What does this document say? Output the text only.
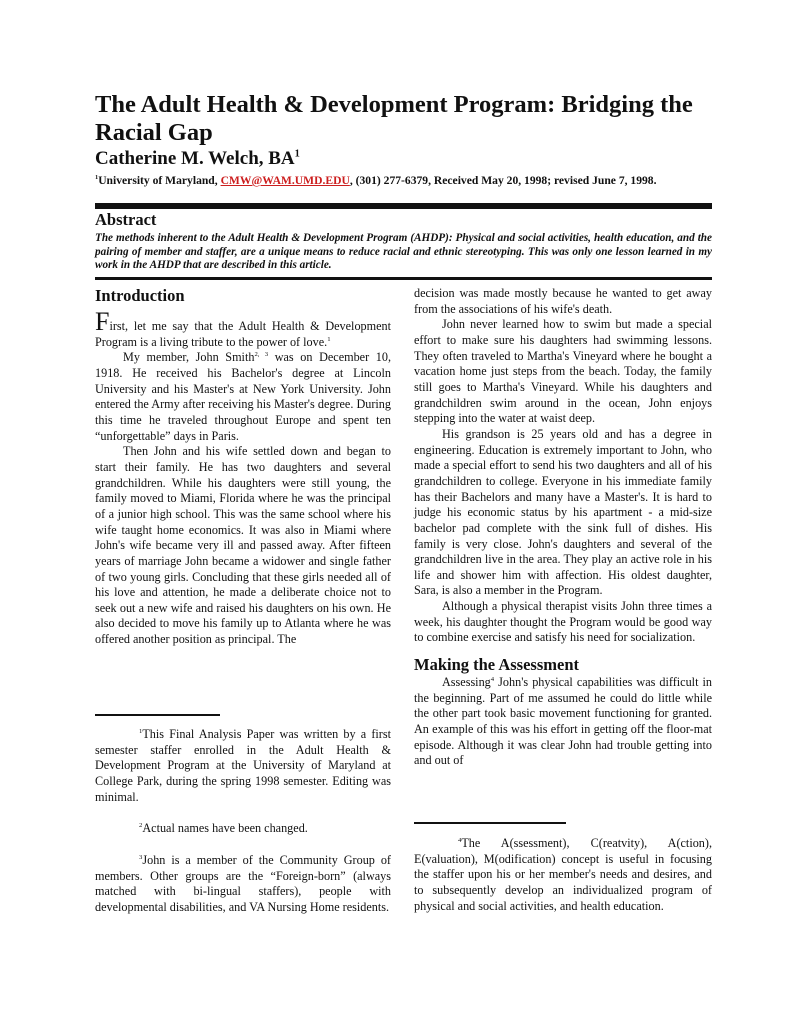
The Adult Health & Development Program: Bridging the Racial Gap
Catherine M. Welch, $BA^1$
$^1$University of Maryland, CMW@WAM.UMD.EDU, (301) 277-6379, Received May 20, 1998; revised June 7, 1998.
Abstract

The methods inherent to the Adult Health & Development Program (AHDP): Physical and social activities, health education, and the pairing of member and staffer, are a unique means to reduce racial and ethnic stereotyping. This was only one lesson learned in my work in the AHDP that are described in this article.

Introduction

First, let me say that the Adult Health & Development Program is a living tribute to the power of love.$^1$

My member, John Smith$^{2, 3}$ was on December 10, 1918. He received his Bachelor's degree at Lincoln University and his Master's at New York University. John entered the Army after receiving his Master's degree. During this time he traveled throughout Europe and spent ten “unforgettable” days in Paris.

Then John and his wife settled down and began to start their family. He has two daughters and several grandchildren. While his daughters were still young, the family moved to Miami, Florida where he was the principal of a junior high school. This was the same school where his wife taught home economics. It was also in Miami where John's wife became very ill and passed away. After fifteen years of marriage John became a widower and single father of two young girls. Concluding that these girls needed all of his love and attention, he made a deliberate choice not to seek out a new wife and raised his daughters on his own. He also decided to move his family up to Atlanta where he was offered another position as principal. The

$^1$This Final Analysis Paper was written by a first semester staffer enrolled in the Adult Health & Development Program at the University of Maryland at College Park, during the spring 1998 semester. Editing was minimal.

$^2$Actual names have been changed.

$^3$John is a member of the Community Group of members. Other groups are the “Foreign-born” (always matched with bi-lingual staffers), people with developmental disabilities, and VA Nursing Home residents.

decision was made mostly because he wanted to get away from the associations of his wife's death.

John never learned how to swim but made a special effort to make sure his daughters had swimming lessons. They often traveled to Martha's Vineyard where he bought a vacation home just steps from the beach. Today, the family still goes to Martha's Vineyard. While his daughters and grandchildren swim around in the ocean, John enjoys stepping into the water at waist deep.

His grandson is 25 years old and has a degree in engineering. Education is extremely important to John, who made a special effort to send his two daughters and all of his grandchildren to college. Everyone in his immediate family has their Bachelors and many have a Master's. It is hard to judge his economic status by his apartment - a mid-size bachelor pad complete with the sink full of dishes. His family is very close. John's daughters and several of the grandchildren live in the area. They play an active role in his life and shower him with affection. His oldest daughter, Sara, is also a member in the Program.

Although a physical therapist visits John three times a week, his daughter thought the Program would be good way to combine exercise and satisfy his need for socialization.

Making the Assessment

Assessing$^4$ John's physical capabilities was difficult in the beginning. Part of me assumed he could do little while the other part took basic movement functioning for granted. An example of this was his effort in getting off the floor-mat episode. Although it was clear John had trouble getting into and out of

$^4$The A(ssessment), C(reatvity), A(ction), E(valuation), M(odification) concept is useful in focusing the staffer upon his or her member's needs and desires, and to subsequently develop an individualized program of physical and social activities, and health education.
